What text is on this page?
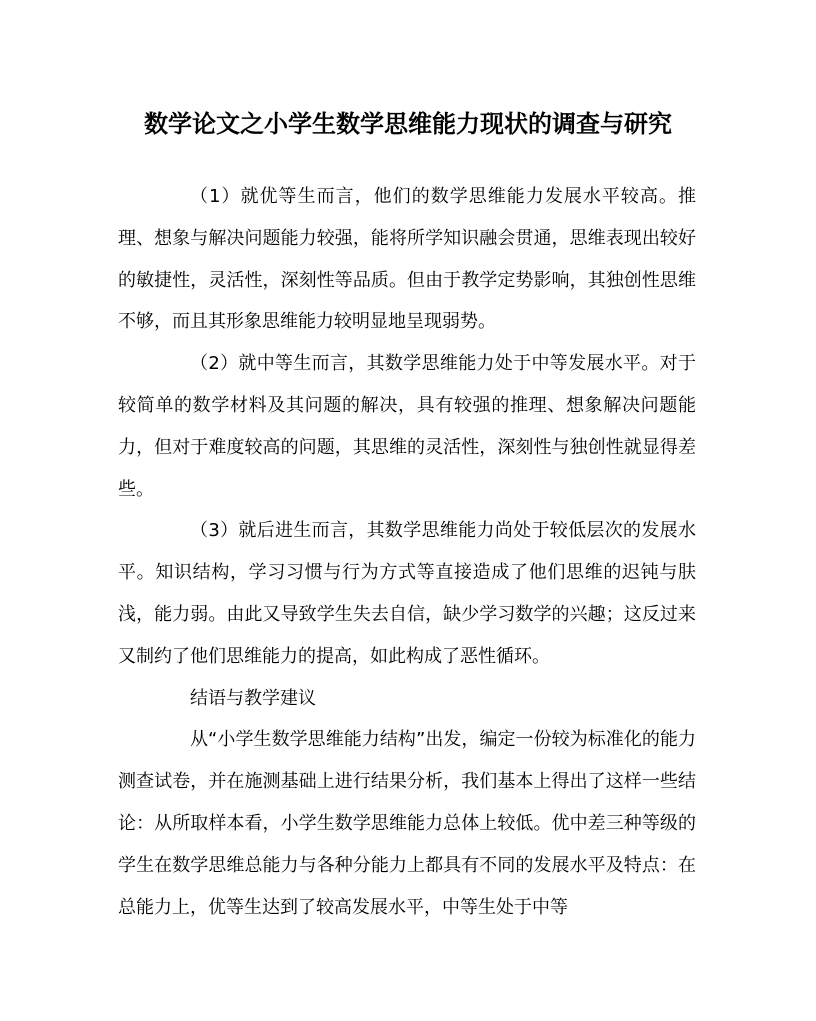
数学论文之小学生数学思维能力现状的调查与研究

（1）就优等生而言，他们的数学思维能力发展水平较高。推理、想象与解决问题能力较强，能将所学知识融会贯通，思维表现出较好的敏捷性，灵活性，深刻性等品质。但由于教学定势影响，其独创性思维不够，而且其形象思维能力较明显地呈现弱势。

（2）就中等生而言，其数学思维能力处于中等发展水平。对于较简单的数学材料及其问题的解决，具有较强的推理、想象解决问题能力，但对于难度较高的问题，其思维的灵活性，深刻性与独创性就显得差些。

（3）就后进生而言，其数学思维能力尚处于较低层次的发展水平。知识结构，学习习惯与行为方式等直接造成了他们思维的迟钝与肤浅，能力弱。由此又导致学生失去自信，缺少学习数学的兴趣；这反过来又制约了他们思维能力的提高，如此构成了恶性循环。

结语与教学建议

从“小学生数学思维能力结构”出发，编定一份较为标准化的能力测查试卷，并在施测基础上进行结果分析，我们基本上得出了这样一些结论：从所取样本看，小学生数学思维能力总体上较低。优中差三种等级的学生在数学思维总能力与各种分能力上都具有不同的发展水平及特点：在总能力上，优等生达到了较高发展水平，中等生处于中等
